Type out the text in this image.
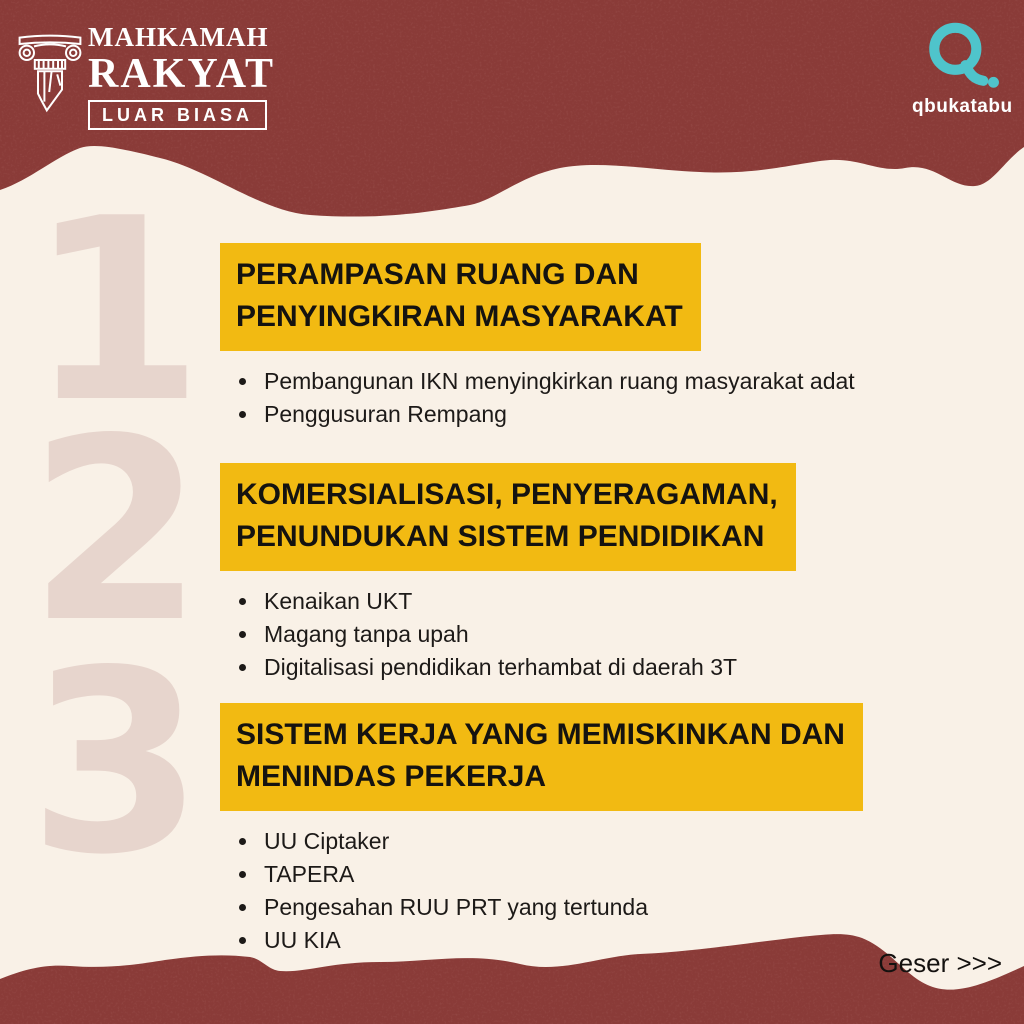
MAHKAMAH
RAKYAT
LUAR BIASA	qbukatabu
1
2
3
PERAMPASAN RUANG DAN
PENYINGKIRAN MASYARAKAT
• Pembangunan IKN menyingkirkan ruang masyarakat adat
• Penggusuran Rempang
KOMERSIALISASI, PENYERAGAMAN,
PENUNDUKAN SISTEM PENDIDIKAN
• Kenaikan UKT
• Magang tanpa upah
• Digitalisasi pendidikan terhambat di daerah 3T
SISTEM KERJA YANG MEMISKINKAN DAN
MENINDAS PEKERJA
• UU Ciptaker
• TAPERA
• Pengesahan RUU PRT yang tertunda
• UU KIA
Geser >>>
